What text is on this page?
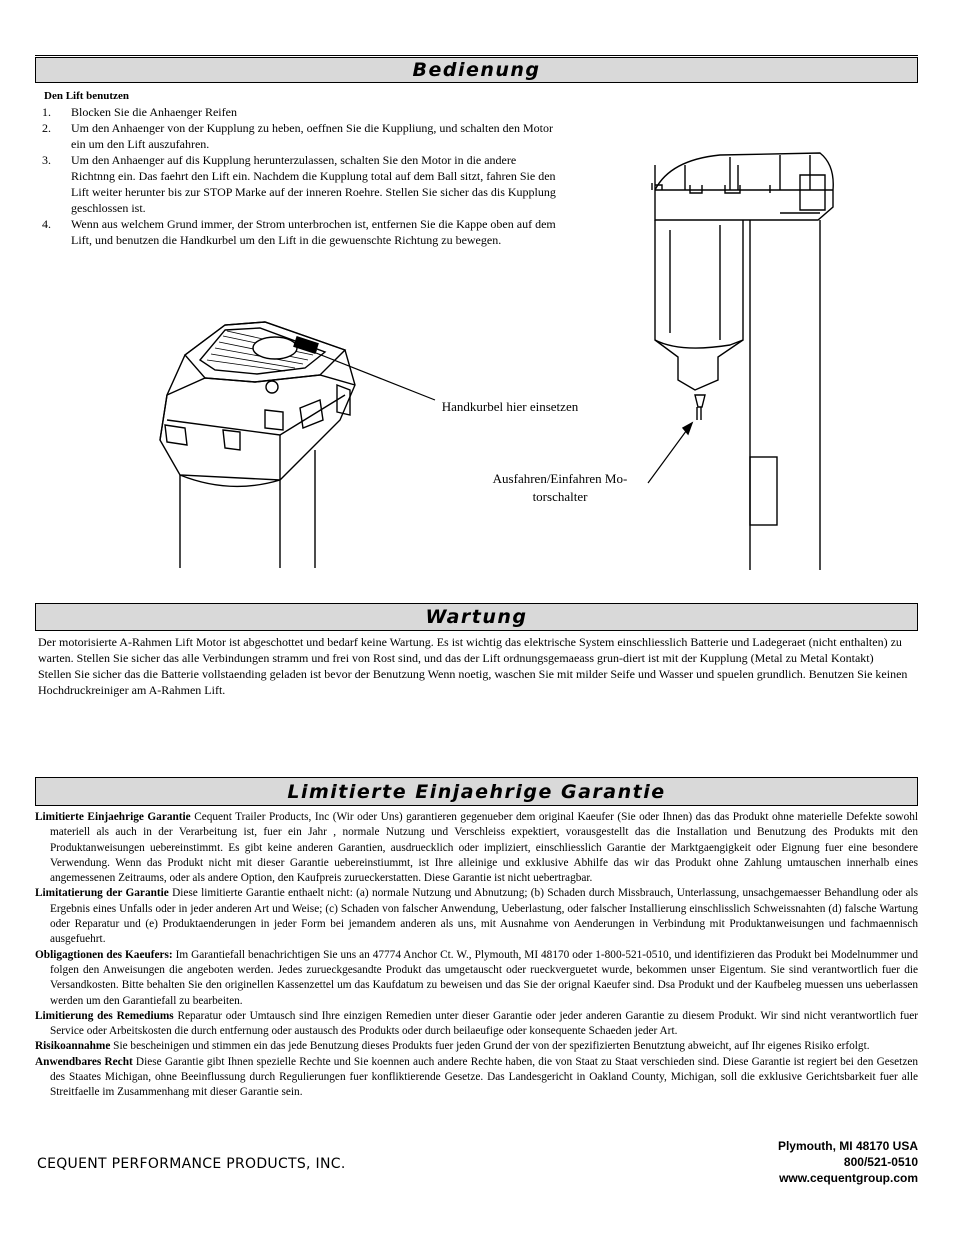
Bedienung
Den Lift benutzen
1. Blocken Sie die Anhaenger Reifen
2. Um den Anhaenger von der Kupplung zu heben, oeffnen Sie die Kuppliung, und schalten den Motor ein um den Lift auszufahren.
3. Um den Anhaenger auf dis Kupplung herunterzulassen, schalten Sie den Motor in die andere Richtnng ein. Das faehrt den Lift ein. Nachdem die Kupplung total auf dem Ball sitzt, fahren Sie den Lift weiter herunter bis zur STOP Marke auf der inneren Roehre. Stellen Sie sicher das dis Kupplung geschlossen ist.
4. Wenn aus welchem Grund immer, der Strom unterbrochen ist, entfernen Sie die Kappe oben auf dem Lift, und benutzen die Handkurbel um den Lift in die gewuenschte Richtung zu bewegen.
Handkurbel hier einsetzen
Ausfahren/Einfahren Mo-torschalter
Wartung
Der motorisierte A-Rahmen Lift Motor ist abgeschottet und bedarf keine Wartung. Es ist wichtig das elektrische System einschliesslich Batterie und Ladegeraet (nicht enthalten) zu warten. Stellen Sie sicher das alle Verbindungen stramm und frei von Rost sind, und das der Lift ordnungsgemaeass grun-diert ist mit der Kupplung (Metal zu Metal Kontakt) Stellen Sie sicher das die Batterie vollstaending geladen ist bevor der Benutzung Wenn noetig, waschen Sie mit milder Seife und Wasser und spuelen grundlich. Benutzen Sie keinen Hochdruckreiniger am A-Rahmen Lift.
Limitierte Einjaehrige Garantie

Limitierte Einjaehrige Garantie Cequent Trailer Products, Inc (Wir oder Uns) garantieren gegenueber dem original Kaeufer (Sie oder Ihnen) das das Produkt ohne materielle Defekte sowohl materiell als auch in der Verarbeitung ist, fuer ein Jahr , normale Nutzung und Verschleiss expektiert, vorausgestellt das die Installation und Benutzung des Produkts mit den Produktanweisungen uebereinstimmt. Es gibt keine anderen Garantien, ausdruecklich oder impliziert, einschliesslich Garantie der Marktgaengigkeit oder Eignung fuer eine besondere Verwendung. Wenn das Produkt nicht mit dieser Garantie uebereinstiummt, ist Ihre alleinige und exklusive Abhilfe das wir das Produkt ohne Zahlung umtauschen innerhalb eines angemessenen Zeitraums, oder als andere Option, den Kaufpreis zurueckerstatten. Diese Garantie ist nicht uebertragbar.

Limitatierung der Garantie Diese limitierte Garantie enthaelt nicht: (a) normale Nutzung und Abnutzung; (b) Schaden durch Missbrauch, Unterlassung, unsachgemaesser Behandlung oder als Ergebnis eines Unfalls oder in jeder anderen Art und Weise; (c) Schaden von falscher Anwendung, Ueberlastung, oder falscher Installierung einschlisslich Schweissnahten (d) falsche Wartung oder Reparatur und (e) Produktaenderungen in jeder Form bei jemandem anderen als uns, mit Ausnahme von Aenderungen in Verbindung mit Produktanweisungen und fachmaennisch ausgefuehrt.

Obligagtionen des Kaeufers: Im Garantiefall benachrichtigen Sie uns an 47774 Anchor Ct. W., Plymouth, MI 48170 oder 1-800-521-0510, und identifizieren das Produkt bei Modelnummer und folgen den Anweisungen die angeboten werden. Jedes zurueckgesandte Produkt das umgetauscht oder rueckverguetet wurde, bekommen unser Eigentum. Sie sind verantwortlich fuer die Versandkosten. Bitte behalten Sie den originellen Kassenzettel um das Kaufdatum zu beweisen und das Sie der orignal Kaeufer sind. Dsa Produkt und der Kaufbeleg muessen uns ueberlassen werden um den Garantiefall zu bearbeiten.

Limitierung des Remediums Reparatur oder Umtausch sind Ihre einzigen Remedien unter dieser Garantie oder jeder anderen Garantie zu diesem Produkt. Wir sind nicht verantwortlich fuer Service oder Arbeitskosten die durch entfernung oder austausch des Produkts oder durch beilaeufige oder konsequente Schaeden jeder Art.

Risikoannahme Sie bescheinigen und stimmen ein das jede Benutzung dieses Produkts fuer jeden Grund der von der spezifizierten Benutztung abweicht, auf Ihr eigenes Risiko erfolgt.

Anwendbares Recht Diese Garantie gibt Ihnen spezielle Rechte und Sie koennen auch andere Rechte haben, die von Staat zu Staat verschieden sind. Diese Garantie ist regiert bei den Gesetzen des Staates Michigan, ohne Beeinflussung durch Regulierungen fuer konfliktierende Gesetze. Das Landesgericht in Oakland County, Michigan, soll die exklusive Gerichtsbarkeit fuer alle Streitfaelle im Zusammenhang mit dieser Garantie sein.

CEQUENT PERFORMANCE PRODUCTS, INC.
Plymouth, MI 48170 USA
800/521-0510
www.cequentgroup.com
